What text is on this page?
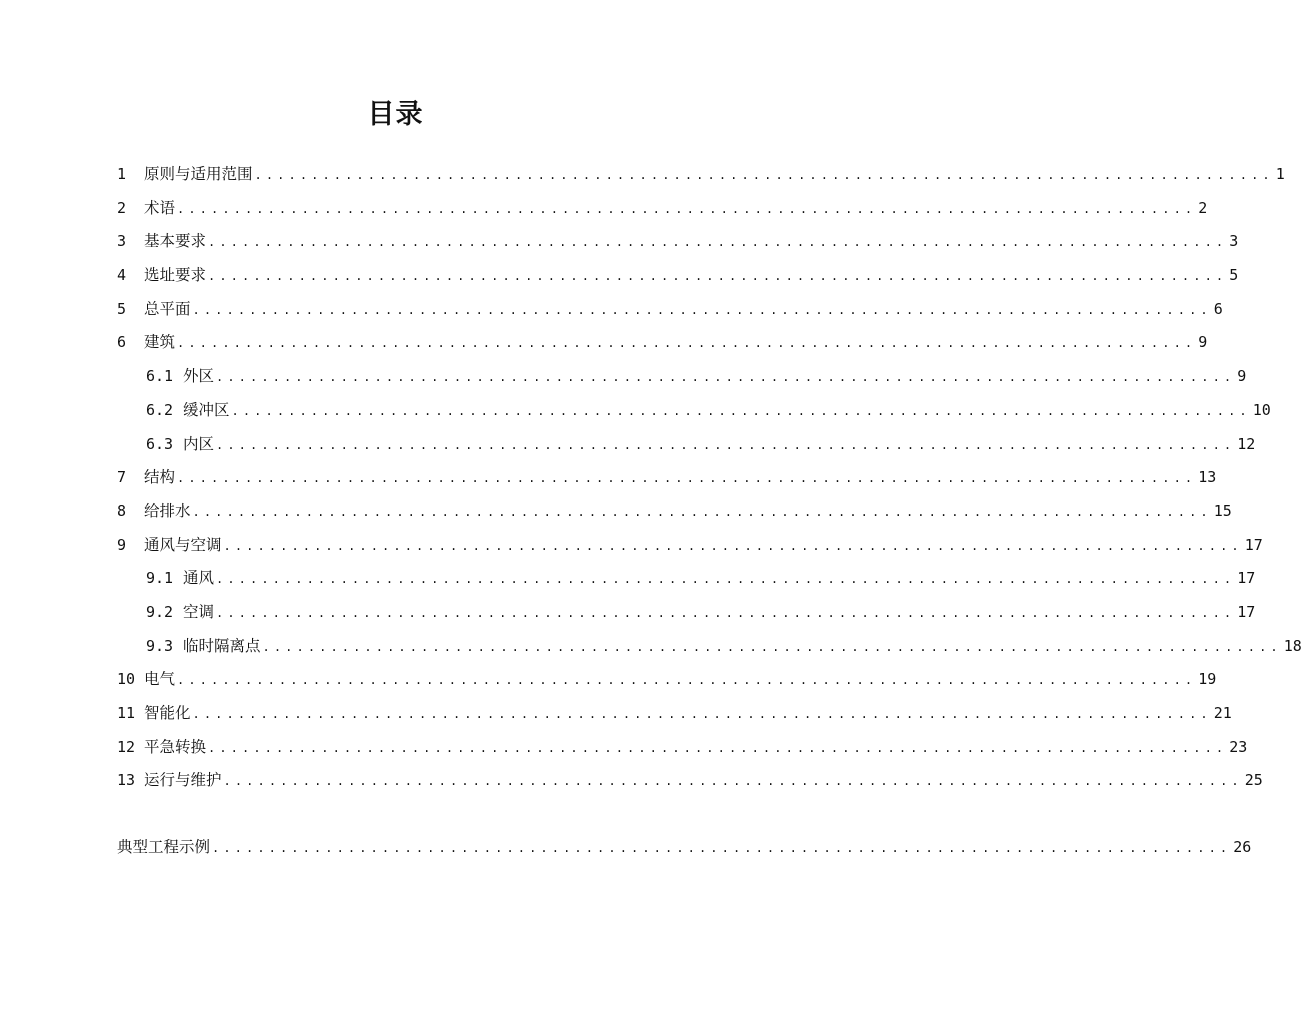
目录
1	原则与适用范围 .......................................................................................... 1
2	术语 .......................................................................................... 2
3	基本要求 .......................................................................................... 3
4	选址要求 .......................................................................................... 5
5	总平面 .......................................................................................... 6
6	建筑 .......................................................................................... 9
6.1 外区 .......................................................................................... 9
6.2 缓冲区 .......................................................................................... 10
6.3 内区 .......................................................................................... 12
7	结构 .......................................................................................... 13
8	给排水 .......................................................................................... 15
9	通风与空调 .......................................................................................... 17
9.1 通风 .......................................................................................... 17
9.2 空调 .......................................................................................... 17
9.3 临时隔离点 .......................................................................................... 18
10 电气 .......................................................................................... 19
11 智能化 .......................................................................................... 21
12 平急转换 .......................................................................................... 23
13 运行与维护 .......................................................................................... 25
典型工程示例 .......................................................................................... 26
